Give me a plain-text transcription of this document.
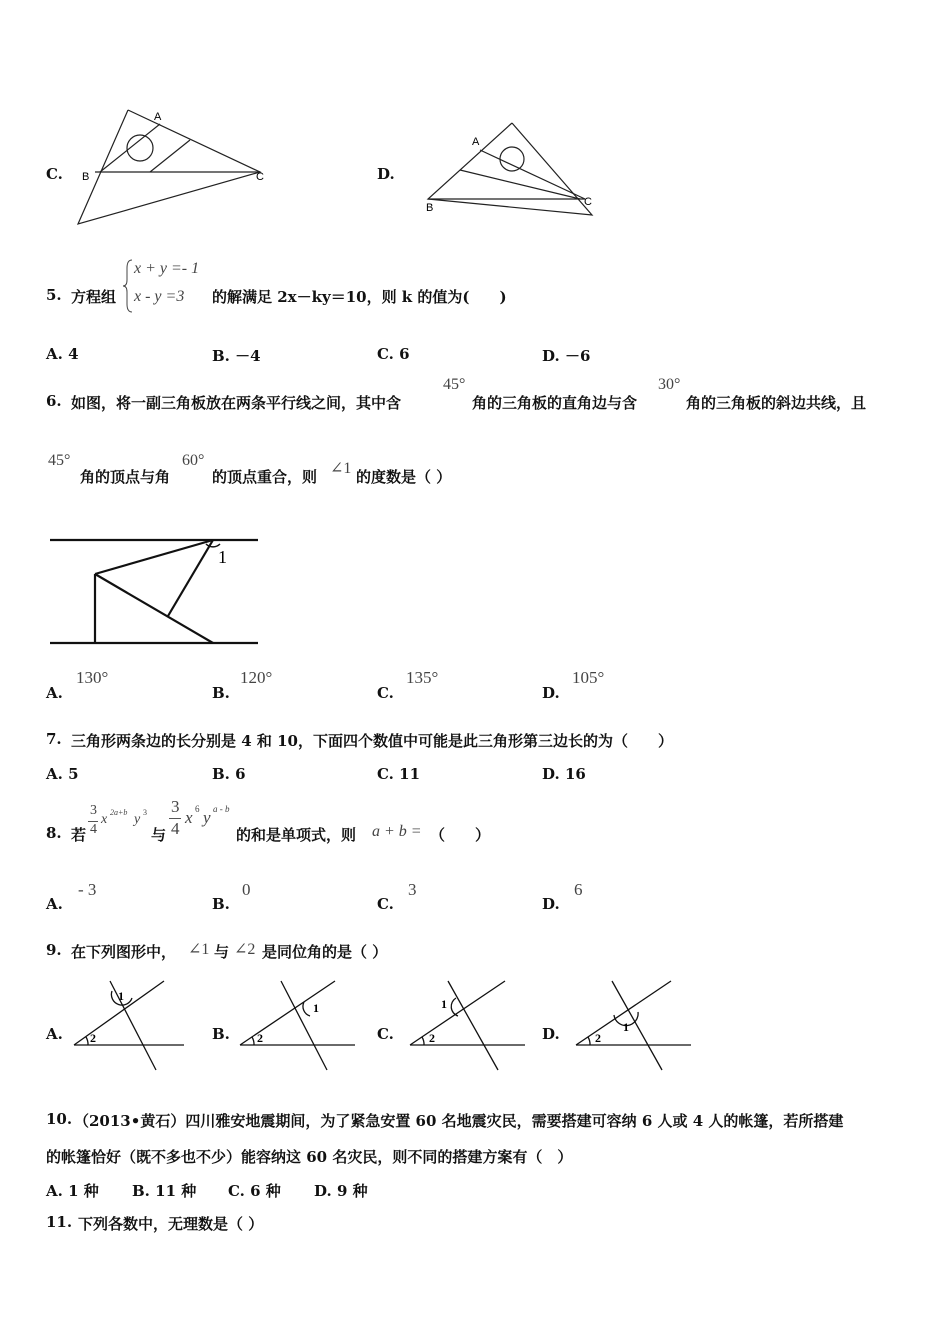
C.
A
B	C	D.
A
B	C
5. 方程组
x + y =- 1
x - y =3 的解满足 2x－ky＝10，则 k 的值为(　　)
A. 4	B. －4	C. 6	D. －6
6. 如图，将一副三角板放在两条平行线之间，其中含
45°
角的三角板的直角边与含
30°
角的三角板的斜边共线，且
45°
角的顶点与角
60°
的顶点重合，则 ∠1 的度数是（ ）
1
A.
130°
B.
120°
C.
135°
D.
105°
7. 三角形两条边的长分别是 4 和 10，下面四个数值中可能是此三角形第三边长的为（　　）
A. 5	B. 6	C. 11	D. 16
8. 若
3
4
x 2a+b y 3
与
3
4
x 6 y a - b
的和是单项式，则 a + b = （　　）
A.
- 3
B.
0
C.
3
D.
6
9. 在下列图形中， ∠1 与 ∠2 是同位角的是（ ）
A.
1
2	B.
1
2	C.
1
2	D.	1
2
10. （2013•黄石）四川雅安地震期间，为了紧急安置 60 名地震灾民，需要搭建可容纳 6 人或 4 人的帐篷，若所搭建
的帐篷恰好（既不多也不少）能容纳这 60 名灾民，则不同的搭建方案有（　）
A. 1 种 B. 11 种 C. 6 种 D. 9 种
11. 下列各数中，无理数是（ ）
